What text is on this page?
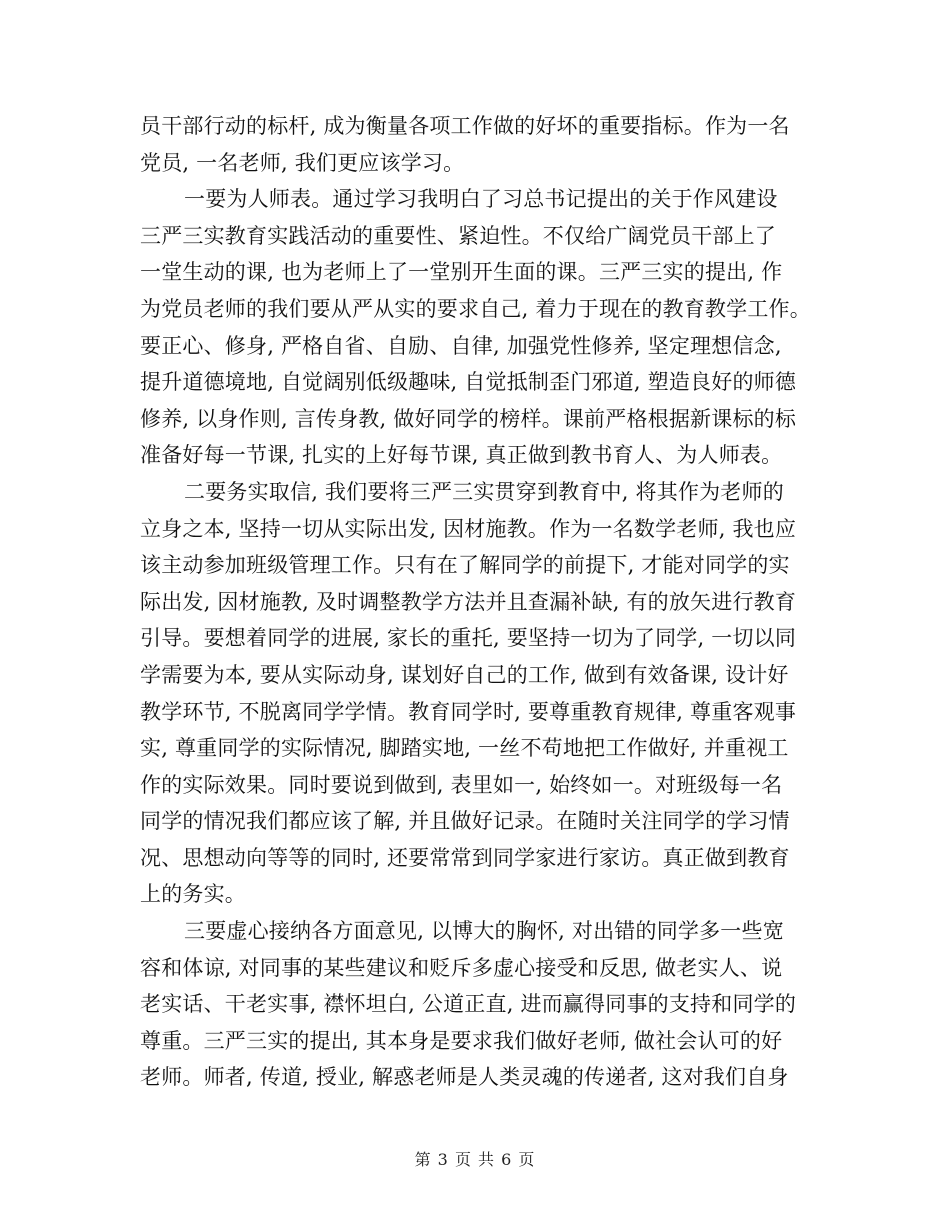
员干部行动的标杆, 成为衡量各项工作做的好坏的重要指标。作为一名
党员, 一名老师, 我们更应该学习。
一要为人师表。通过学习我明白了习总书记提出的关于作风建设
三严三实教育实践活动的重要性、紧迫性。不仅给广阔党员干部上了
一堂生动的课, 也为老师上了一堂别开生面的课。三严三实的提出, 作
为党员老师的我们要从严从实的要求自己, 着力于现在的教育教学工作。
要正心、修身, 严格自省、自励、自律, 加强党性修养, 坚定理想信念,
提升道德境地, 自觉阔别低级趣味, 自觉抵制歪门邪道, 塑造良好的师德
修养, 以身作则, 言传身教, 做好同学的榜样。课前严格根据新课标的标
准备好每一节课, 扎实的上好每节课, 真正做到教书育人、为人师表。
二要务实取信, 我们要将三严三实贯穿到教育中, 将其作为老师的
立身之本, 坚持一切从实际出发, 因材施教。作为一名数学老师, 我也应
该主动参加班级管理工作。只有在了解同学的前提下, 才能对同学的实
际出发, 因材施教, 及时调整教学方法并且查漏补缺, 有的放矢进行教育
引导。要想着同学的进展, 家长的重托, 要坚持一切为了同学, 一切以同
学需要为本, 要从实际动身, 谋划好自己的工作, 做到有效备课, 设计好
教学环节, 不脱离同学学情。教育同学时, 要尊重教育规律, 尊重客观事
实, 尊重同学的实际情况, 脚踏实地, 一丝不苟地把工作做好, 并重视工
作的实际效果。同时要说到做到, 表里如一, 始终如一。对班级每一名
同学的情况我们都应该了解, 并且做好记录。在随时关注同学的学习情
况、思想动向等等的同时, 还要常常到同学家进行家访。真正做到教育
上的务实。
三要虚心接纳各方面意见, 以博大的胸怀, 对出错的同学多一些宽
容和体谅, 对同事的某些建议和贬斥多虚心接受和反思, 做老实人、说
老实话、干老实事, 襟怀坦白, 公道正直, 进而赢得同事的支持和同学的
尊重。三严三实的提出, 其本身是要求我们做好老师, 做社会认可的好
老师。师者, 传道, 授业, 解惑老师是人类灵魂的传递者, 这对我们自身
第 3 页 共 6 页
